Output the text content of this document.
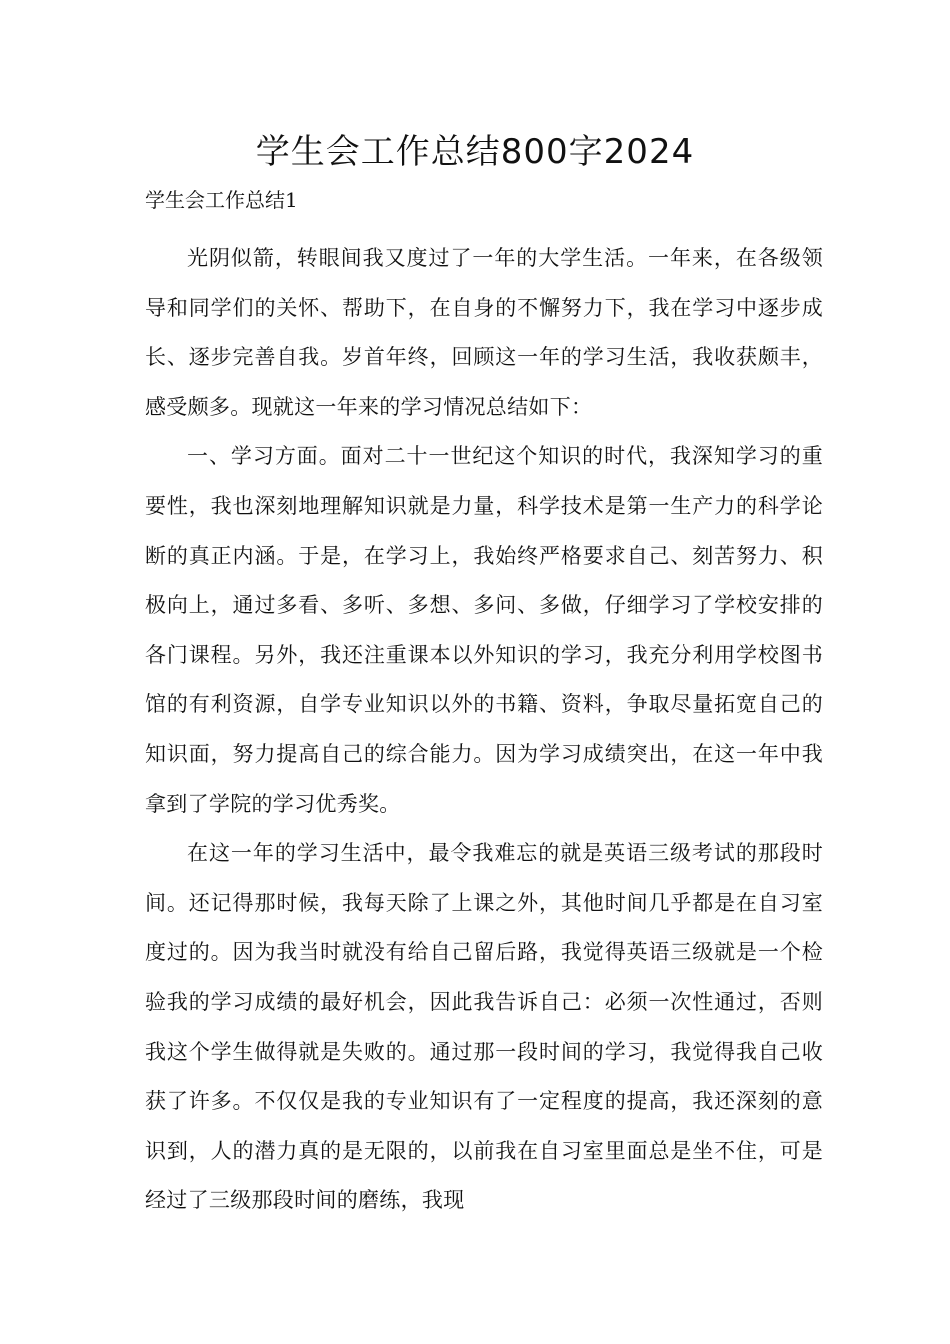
学生会工作总结800字2024
学生会工作总结1

光阴似箭，转眼间我又度过了一年的大学生活。一年来，在各级领导和同学们的关怀、帮助下，在自身的不懈努力下，我在学习中逐步成长、逐步完善自我。岁首年终，回顾这一年的学习生活，我收获颇丰，感受颇多。现就这一年来的学习情况总结如下：

一、学习方面。面对二十一世纪这个知识的时代，我深知学习的重要性，我也深刻地理解知识就是力量，科学技术是第一生产力的科学论断的真正内涵。于是，在学习上，我始终严格要求自己、刻苦努力、积极向上，通过多看、多听、多想、多问、多做，仔细学习了学校安排的各门课程。另外，我还注重课本以外知识的学习，我充分利用学校图书馆的有利资源，自学专业知识以外的书籍、资料，争取尽量拓宽自己的知识面，努力提高自己的综合能力。因为学习成绩突出，在这一年中我拿到了学院的学习优秀奖。

在这一年的学习生活中，最令我难忘的就是英语三级考试的那段时间。还记得那时候，我每天除了上课之外，其他时间几乎都是在自习室度过的。因为我当时就没有给自己留后路，我觉得英语三级就是一个检验我的学习成绩的最好机会，因此我告诉自己：必须一次性通过，否则我这个学生做得就是失败的。通过那一段时间的学习，我觉得我自己收获了许多。不仅仅是我的专业知识有了一定程度的提高，我还深刻的意识到，人的潜力真的是无限的，以前我在自习室里面总是坐不住，可是经过了三级那段时间的磨练，我现
